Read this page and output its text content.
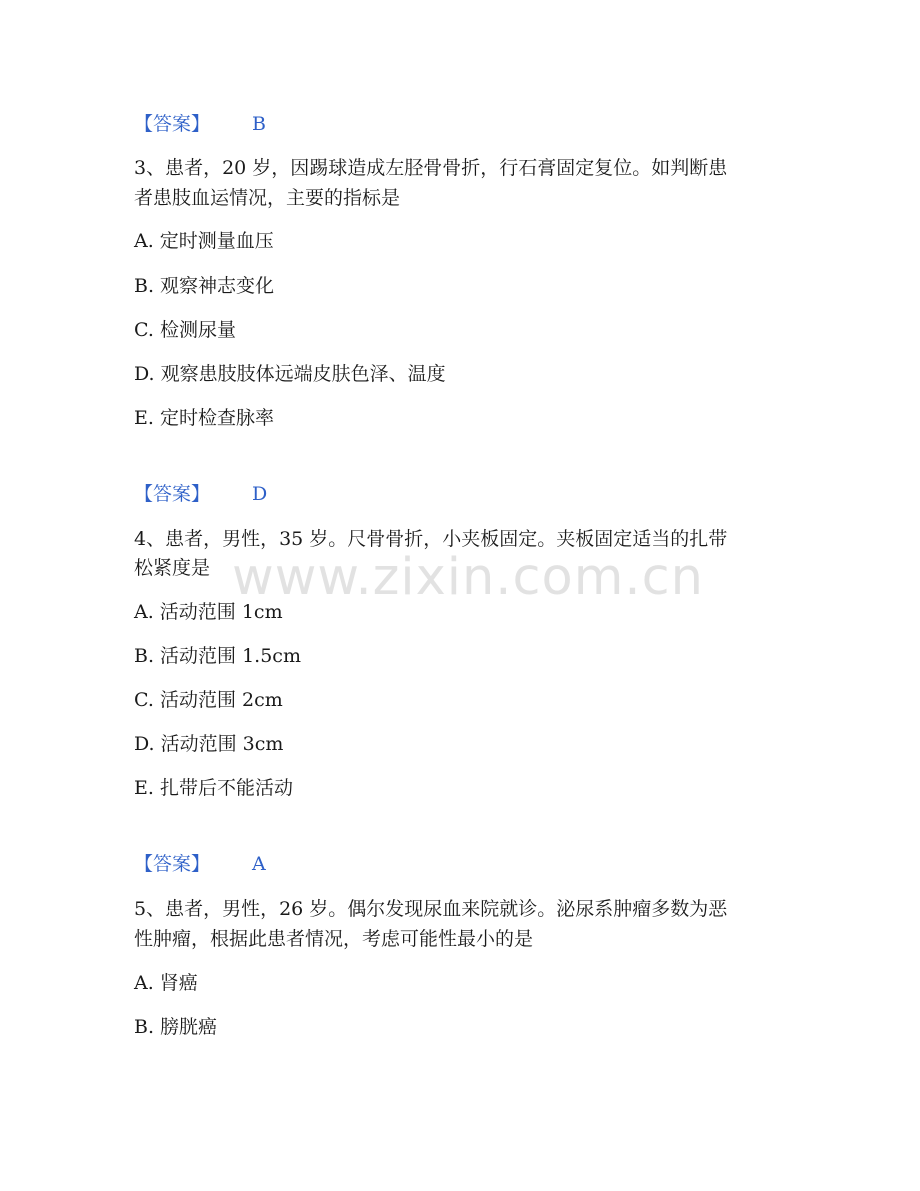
【答案】 B
3、患者，20 岁，因踢球造成左胫骨骨折，行石膏固定复位。如判断患
者患肢血运情况，主要的指标是
A. 定时测量血压
B. 观察神志变化
C. 检测尿量
D. 观察患肢肢体远端皮肤色泽、温度
E. 定时检查脉率
【答案】 D
4、患者，男性，35 岁。尺骨骨折，小夹板固定。夹板固定适当的扎带
松紧度是
A. 活动范围 1cm
B. 活动范围 1.5cm
C. 活动范围 2cm
D. 活动范围 3cm
E. 扎带后不能活动
【答案】 A
5、患者，男性，26 岁。偶尔发现尿血来院就诊。泌尿系肿瘤多数为恶
性肿瘤，根据此患者情况，考虑可能性最小的是
A. 肾癌
B. 膀胱癌
www.zixin.com.cn
